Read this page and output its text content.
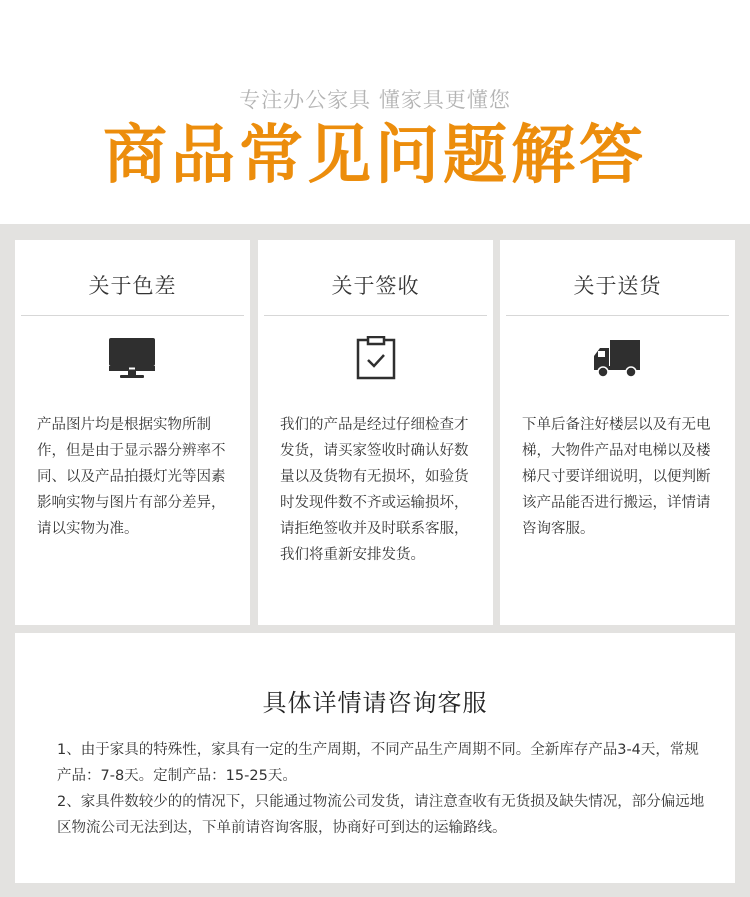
专注办公家具 懂家具更懂您
商品常见问题解答
关于色差
产品图片均是根据实物所制作，但是由于显示器分辨率不 同、以及产品拍摄灯光等因素影响实物与图片有部分差异，请以实物为准。
关于签收
我们的产品是经过仔细检查才发货，请买家签收时确认好数量以及货物有无损坏，如验货时发现件数不齐或运输损坏，请拒绝签收并及时联系客服，我们将重新安排发货。
关于送货
下单后备注好楼层以及有无电梯，大物件产品对电梯以及楼梯尺寸要详细说明，以便判断该产品能否进行搬运，详情请咨询客服。
具体详情请咨询客服

1、由于家具的特殊性，家具有一定的生产周期，不同产品生产周期不同。全新库存产品3-4天，常规产品：7-8天。定制产品：15-25天。

2、家具件数较少的的情况下，只能通过物流公司发货，请注意查收有无货损及缺失情况，部分偏远地区物流公司无法到达，下单前请咨询客服，协商好可到达的运输路线。
